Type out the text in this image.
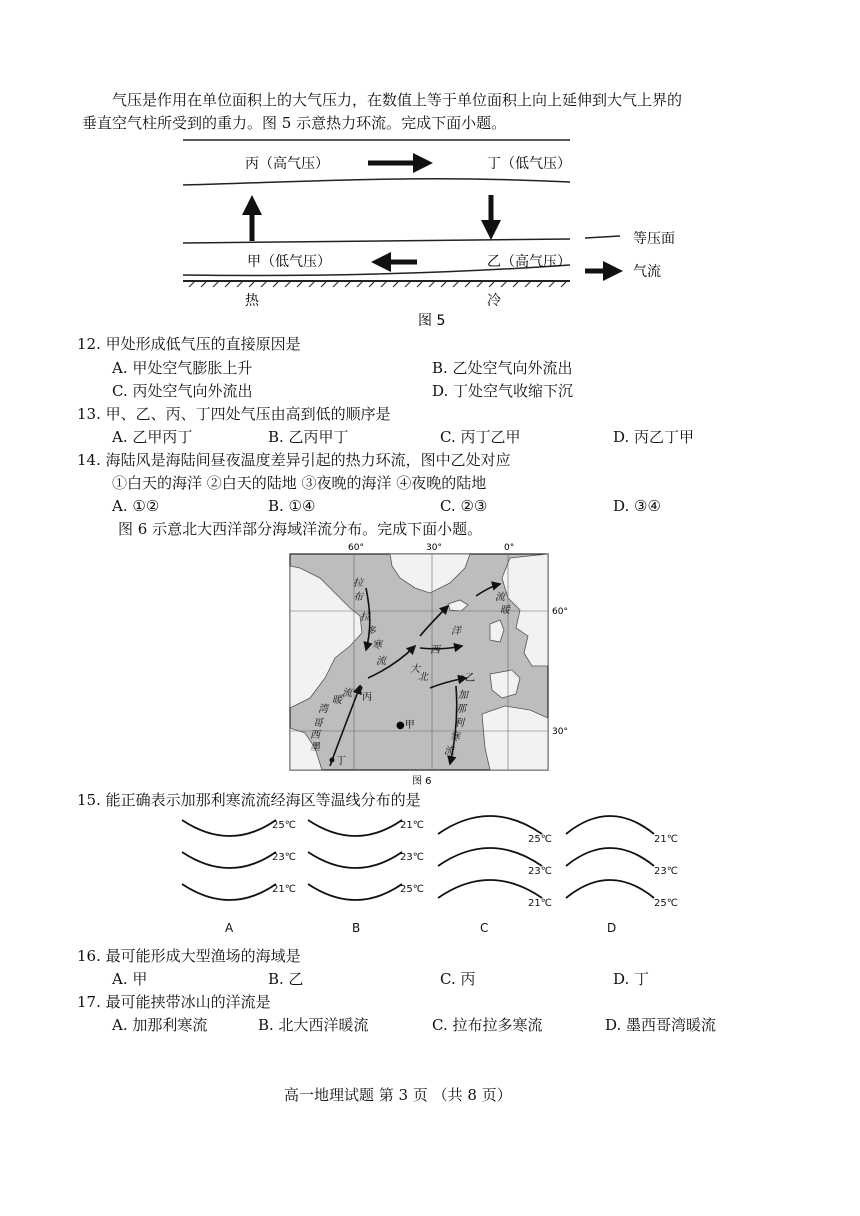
气压是作用在单位面积上的大气压力，在数值上等于单位面积上向上延伸到大气上界的
垂直空气柱所受到的重力。图 5 示意热力环流。完成下面小题。
丙（高气压）	丁（低气压）
甲（低气压）	乙（高气压）
热	冷
等压面
气流
图 5
12. 甲处形成低气压的直接原因是
A. 甲处空气膨胀上升	B. 乙处空气向外流出
C. 丙处空气向外流出	D. 丁处空气收缩下沉
13. 甲、乙、丙、丁四处气压由高到低的顺序是
A. 乙甲丙丁	B. 乙丙甲丁	C. 丙丁乙甲	D. 丙乙丁甲
14. 海陆风是海陆间昼夜温度差异引起的热力环流，图中乙处对应
①白天的海洋 ②白天的陆地 ③夜晚的海洋 ④夜晚的陆地
A. ①②	B. ①④	C. ②③	D. ③④
图 6 示意北大西洋部分海域洋流分布。完成下面小题。
60°	30°	0°
60°
30°
拉
布
拉
多
寒
流
墨
西
哥
湾
暖
流
大
北
西
洋
暖
流
加
那
利
寒
流
丙
●甲
乙
丁
图 6
15. 能正确表示加那利寒流流经海区等温线分布的是
25℃
23℃
21℃
21℃
23℃
25℃
25℃
23℃
21℃
21℃
23℃
25℃
A	B	C	D
16. 最可能形成大型渔场的海域是
A. 甲	B. 乙	C. 丙	D. 丁
17. 最可能挟带冰山的洋流是
A. 加那利寒流	B. 北大西洋暖流	C. 拉布拉多寒流	D. 墨西哥湾暖流
高一地理试题 第 3 页 （共 8 页）
